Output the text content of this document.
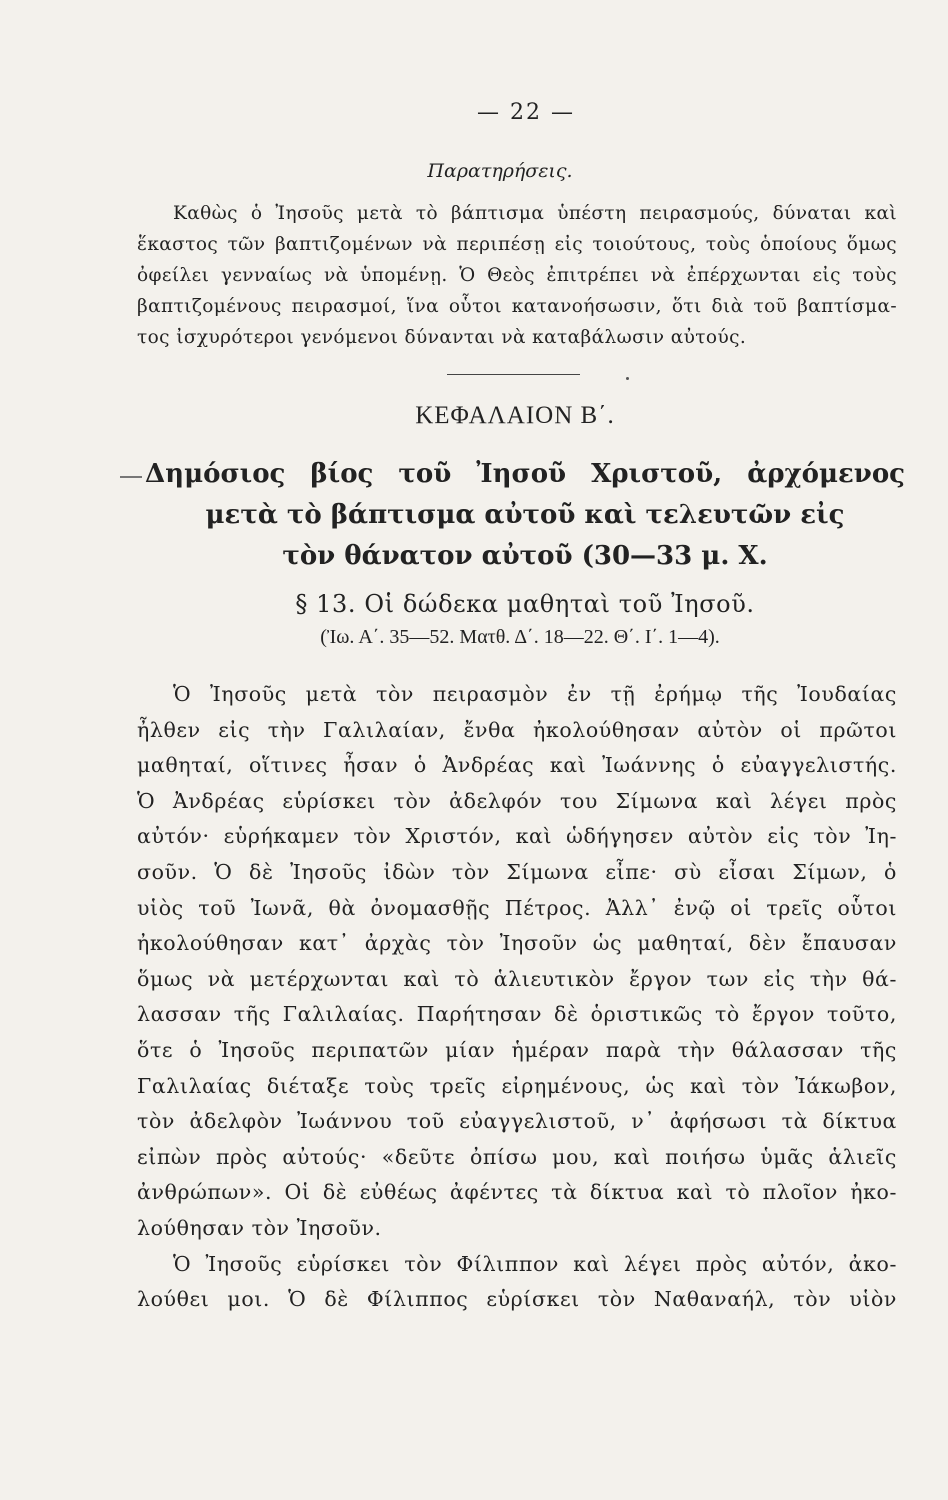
— 22 —
Παρατηρήσεις.
Καθὼς ὁ Ἰησοῦς μετὰ τὸ βάπτισμα ὑπέστη πειρασμούς, δύναται καὶ
ἕκαστος τῶν βαπτιζομένων νὰ περιπέσῃ εἰς τοιούτους, τοὺς ὁποίους ὅμως
ὀφείλει γενναίως νὰ ὑπομένῃ. Ὁ Θεὸς ἐπιτρέπει νὰ ἐπέρχωνται εἰς τοὺς
βαπτιζομένους πειρασμοί, ἵνα οὗτοι κατανοήσωσιν, ὅτι διὰ τοῦ βαπτίσμα-
τος ἰσχυρότεροι γενόμενοι δύνανται νὰ καταβάλωσιν αὐτούς.
ΚΕΦΑΛΑΙΟΝ Β΄.
Δημόσιος βίος τοῦ Ἰησοῦ Χριστοῦ, ἀρχόμενος
μετὰ τὸ βάπτισμα αὐτοῦ καὶ τελευτῶν εἰς
τὸν θάνατον αὐτοῦ (30—33 μ. Χ.
§ 13. Οἱ δώδεκα μαθηταὶ τοῦ Ἰησοῦ.
(Ἰω. Α΄. 35—52. Ματθ. Δ΄. 18—22. Θ΄. Ι΄. 1—4).
Ὁ Ἰησοῦς μετὰ τὸν πειρασμὸν ἐν τῇ ἐρήμῳ τῆς Ἰουδαίας
ἦλθεν εἰς τὴν Γαλιλαίαν, ἔνθα ἠκολούθησαν αὐτὸν οἱ πρῶτοι
μαθηταί, οἵτινες ἦσαν ὁ Ἀνδρέας καὶ Ἰωάννης ὁ εὐαγγελιστής.
Ὁ Ἀνδρέας εὑρίσκει τὸν ἀδελφόν του Σίμωνα καὶ λέγει πρὸς
αὐτόν· εὑρήκαμεν τὸν Χριστόν, καὶ ὡδήγησεν αὐτὸν εἰς τὸν Ἰη-
σοῦν. Ὁ δὲ Ἰησοῦς ἰδὼν τὸν Σίμωνα εἶπε· σὺ εἶσαι Σίμων, ὁ
υἱὸς τοῦ Ἰωνᾶ, θὰ ὀνομασθῇς Πέτρος. Ἀλλ᾽ ἐνῷ οἱ τρεῖς οὗτοι
ἠκολούθησαν κατ᾽ ἀρχὰς τὸν Ἰησοῦν ὡς μαθηταί, δὲν ἔπαυσαν
ὅμως νὰ μετέρχωνται καὶ τὸ ἁλιευτικὸν ἔργον των εἰς τὴν θά-
λασσαν τῆς Γαλιλαίας. Παρήτησαν δὲ ὁριστικῶς τὸ ἔργον τοῦτο,
ὅτε ὁ Ἰησοῦς περιπατῶν μίαν ἡμέραν παρὰ τὴν θάλασσαν τῆς
Γαλιλαίας διέταξε τοὺς τρεῖς εἰρημένους, ὡς καὶ τὸν Ἰάκωβον,
τὸν ἀδελφὸν Ἰωάννου τοῦ εὐαγγελιστοῦ, ν᾽ ἀφήσωσι τὰ δίκτυα
εἰπὼν πρὸς αὐτούς· «δεῦτε ὀπίσω μου, καὶ ποιήσω ὑμᾶς ἁλιεῖς
ἀνθρώπων». Οἱ δὲ εὐθέως ἀφέντες τὰ δίκτυα καὶ τὸ πλοῖον ἠκο-
λούθησαν τὸν Ἰησοῦν.
Ὁ Ἰησοῦς εὑρίσκει τὸν Φίλιππον καὶ λέγει πρὸς αὐτόν, ἀκο-
λούθει μοι. Ὁ δὲ Φίλιππος εὑρίσκει τὸν Ναθαναήλ, τὸν υἱὸν
